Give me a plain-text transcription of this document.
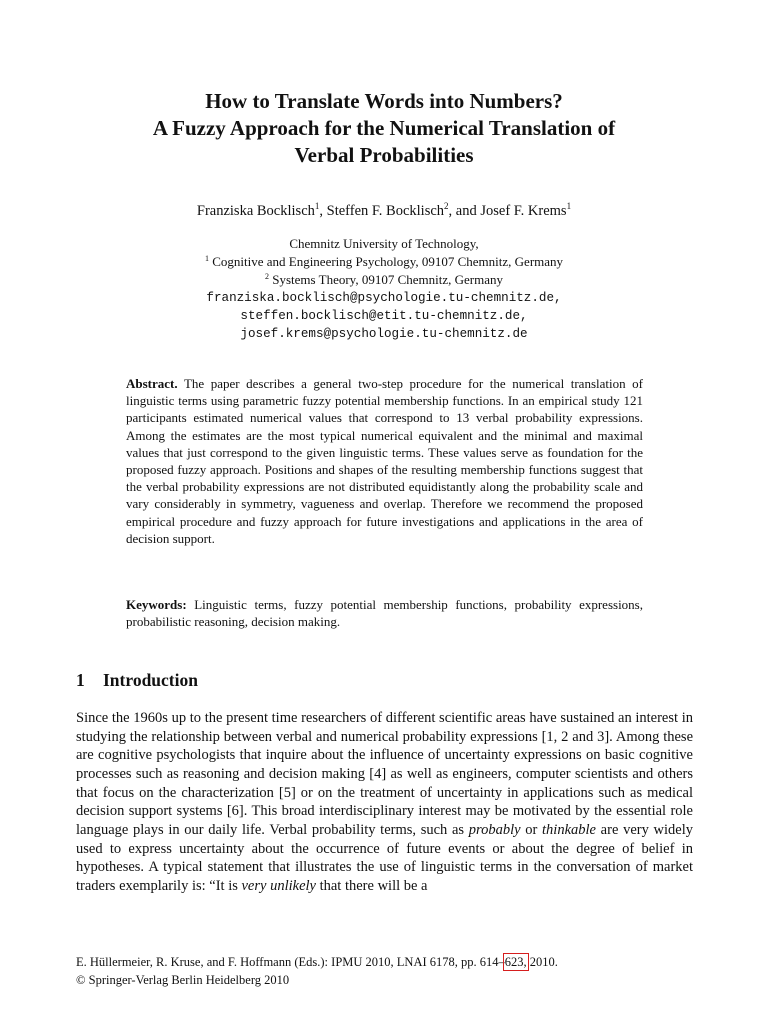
How to Translate Words into Numbers?
A Fuzzy Approach for the Numerical Translation of
Verbal Probabilities
Franziska Bocklisch$^1$, Steffen F. Bocklisch$^2$, and Josef F. Krems$^1$
Chemnitz University of Technology,
$^1$ Cognitive and Engineering Psychology, 09107 Chemnitz, Germany
$^2$ Systems Theory, 09107 Chemnitz, Germany
franziska.bocklisch@psychologie.tu-chemnitz.de,
steffen.bocklisch@etit.tu-chemnitz.de,
josef.krems@psychologie.tu-chemnitz.de
Abstract. The paper describes a general two-step procedure for the numerical translation of linguistic terms using parametric fuzzy potential membership functions. In an empirical study 121 participants estimated numerical values that correspond to 13 verbal probability expressions. Among the estimates are the most typical numerical equivalent and the minimal and maximal values that just correspond to the given linguistic terms. These values serve as foundation for the proposed fuzzy approach. Positions and shapes of the resulting membership functions suggest that the verbal probability expressions are not distributed equidistantly along the probability scale and vary considerably in symmetry, vagueness and overlap. Therefore we recommend the proposed empirical procedure and fuzzy approach for future investigations and applications in the area of decision support.
Keywords: Linguistic terms, fuzzy potential membership functions, probability expressions, probabilistic reasoning, decision making.
1 Introduction
Since the 1960s up to the present time researchers of different scientific areas have sustained an interest in studying the relationship between verbal and numerical probability expressions [1, 2 and 3]. Among these are cognitive psychologists that inquire about the influence of uncertainty expressions on basic cognitive processes such as reasoning and decision making [4] as well as engineers, computer scientists and others that focus on the characterization [5] or on the treatment of uncertainty in applications such as medical decision support systems [6]. This broad interdisciplinary interest may be motivated by the essential role language plays in our daily life. Verbal probability terms, such as probably or thinkable are very widely used to express uncertainty about the occurrence of future events or about the degree of belief in hypotheses. A typical statement that illustrates the use of linguistic terms in the conversation of market traders exemplarily is: “It is very unlikely that there will be a
E. Hüllermeier, R. Kruse, and F. Hoffmann (Eds.): IPMU 2010, LNAI 6178, pp. 614–623, 2010.
© Springer-Verlag Berlin Heidelberg 2010
